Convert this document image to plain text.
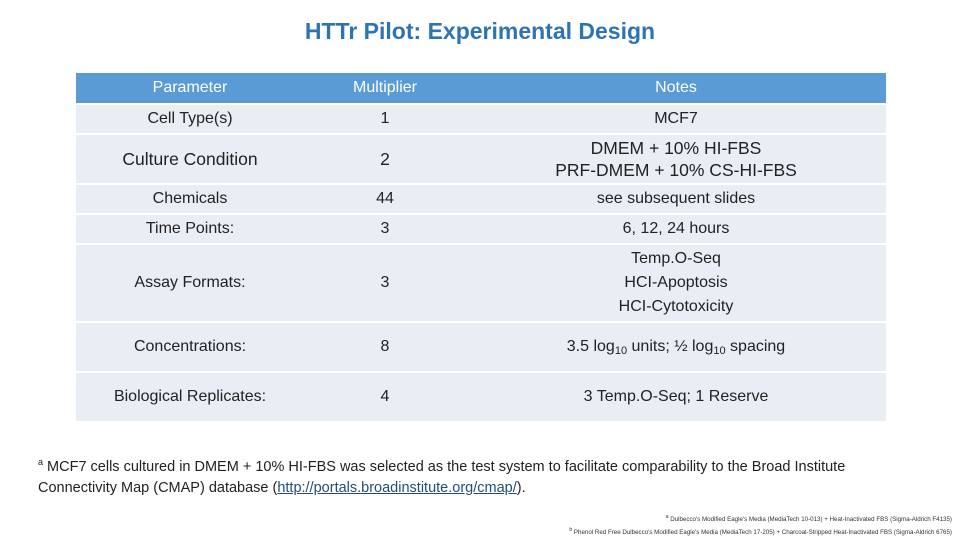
HTTr Pilot: Experimental Design
Parameter	Multiplier	Notes
Cell Type(s)	1	MCF7
Culture Condition	2	DMEM + 10% HI-FBS
PRF-DMEM + 10% CS-HI-FBS

Chemicals	44	see subsequent slides
Time Points:	3	6, 12, 24 hours
Assay Formats:	3	Temp.O-Seq
HCI-Apoptosis
HCI-Cytotoxicity

Concentrations:	8	3.5 $\log_{10}$ units; ½ $\log_{10}$ spacing
Biological Replicates:	4	3 Temp.O-Seq; 1 Reserve
$^a$ MCF7 cells cultured in DMEM + 10% HI-FBS was selected as the test system to facilitate comparability to the Broad Institute Connectivity Map (CMAP) database (http://portals.broadinstitute.org/cmap/).
$^a$ Dulbecco's Modified Eagle's Media (MediaTech 10-013) + Heat-Inactivated FBS (Sigma-Aldrich F4135)
$^b$ Phenol Red Free Dulbecco's Modified Eagle's Media (MediaTech 17-205) + Charcoal-Stripped Heat-Inactivated FBS (Sigma-Aldrich 6765)
